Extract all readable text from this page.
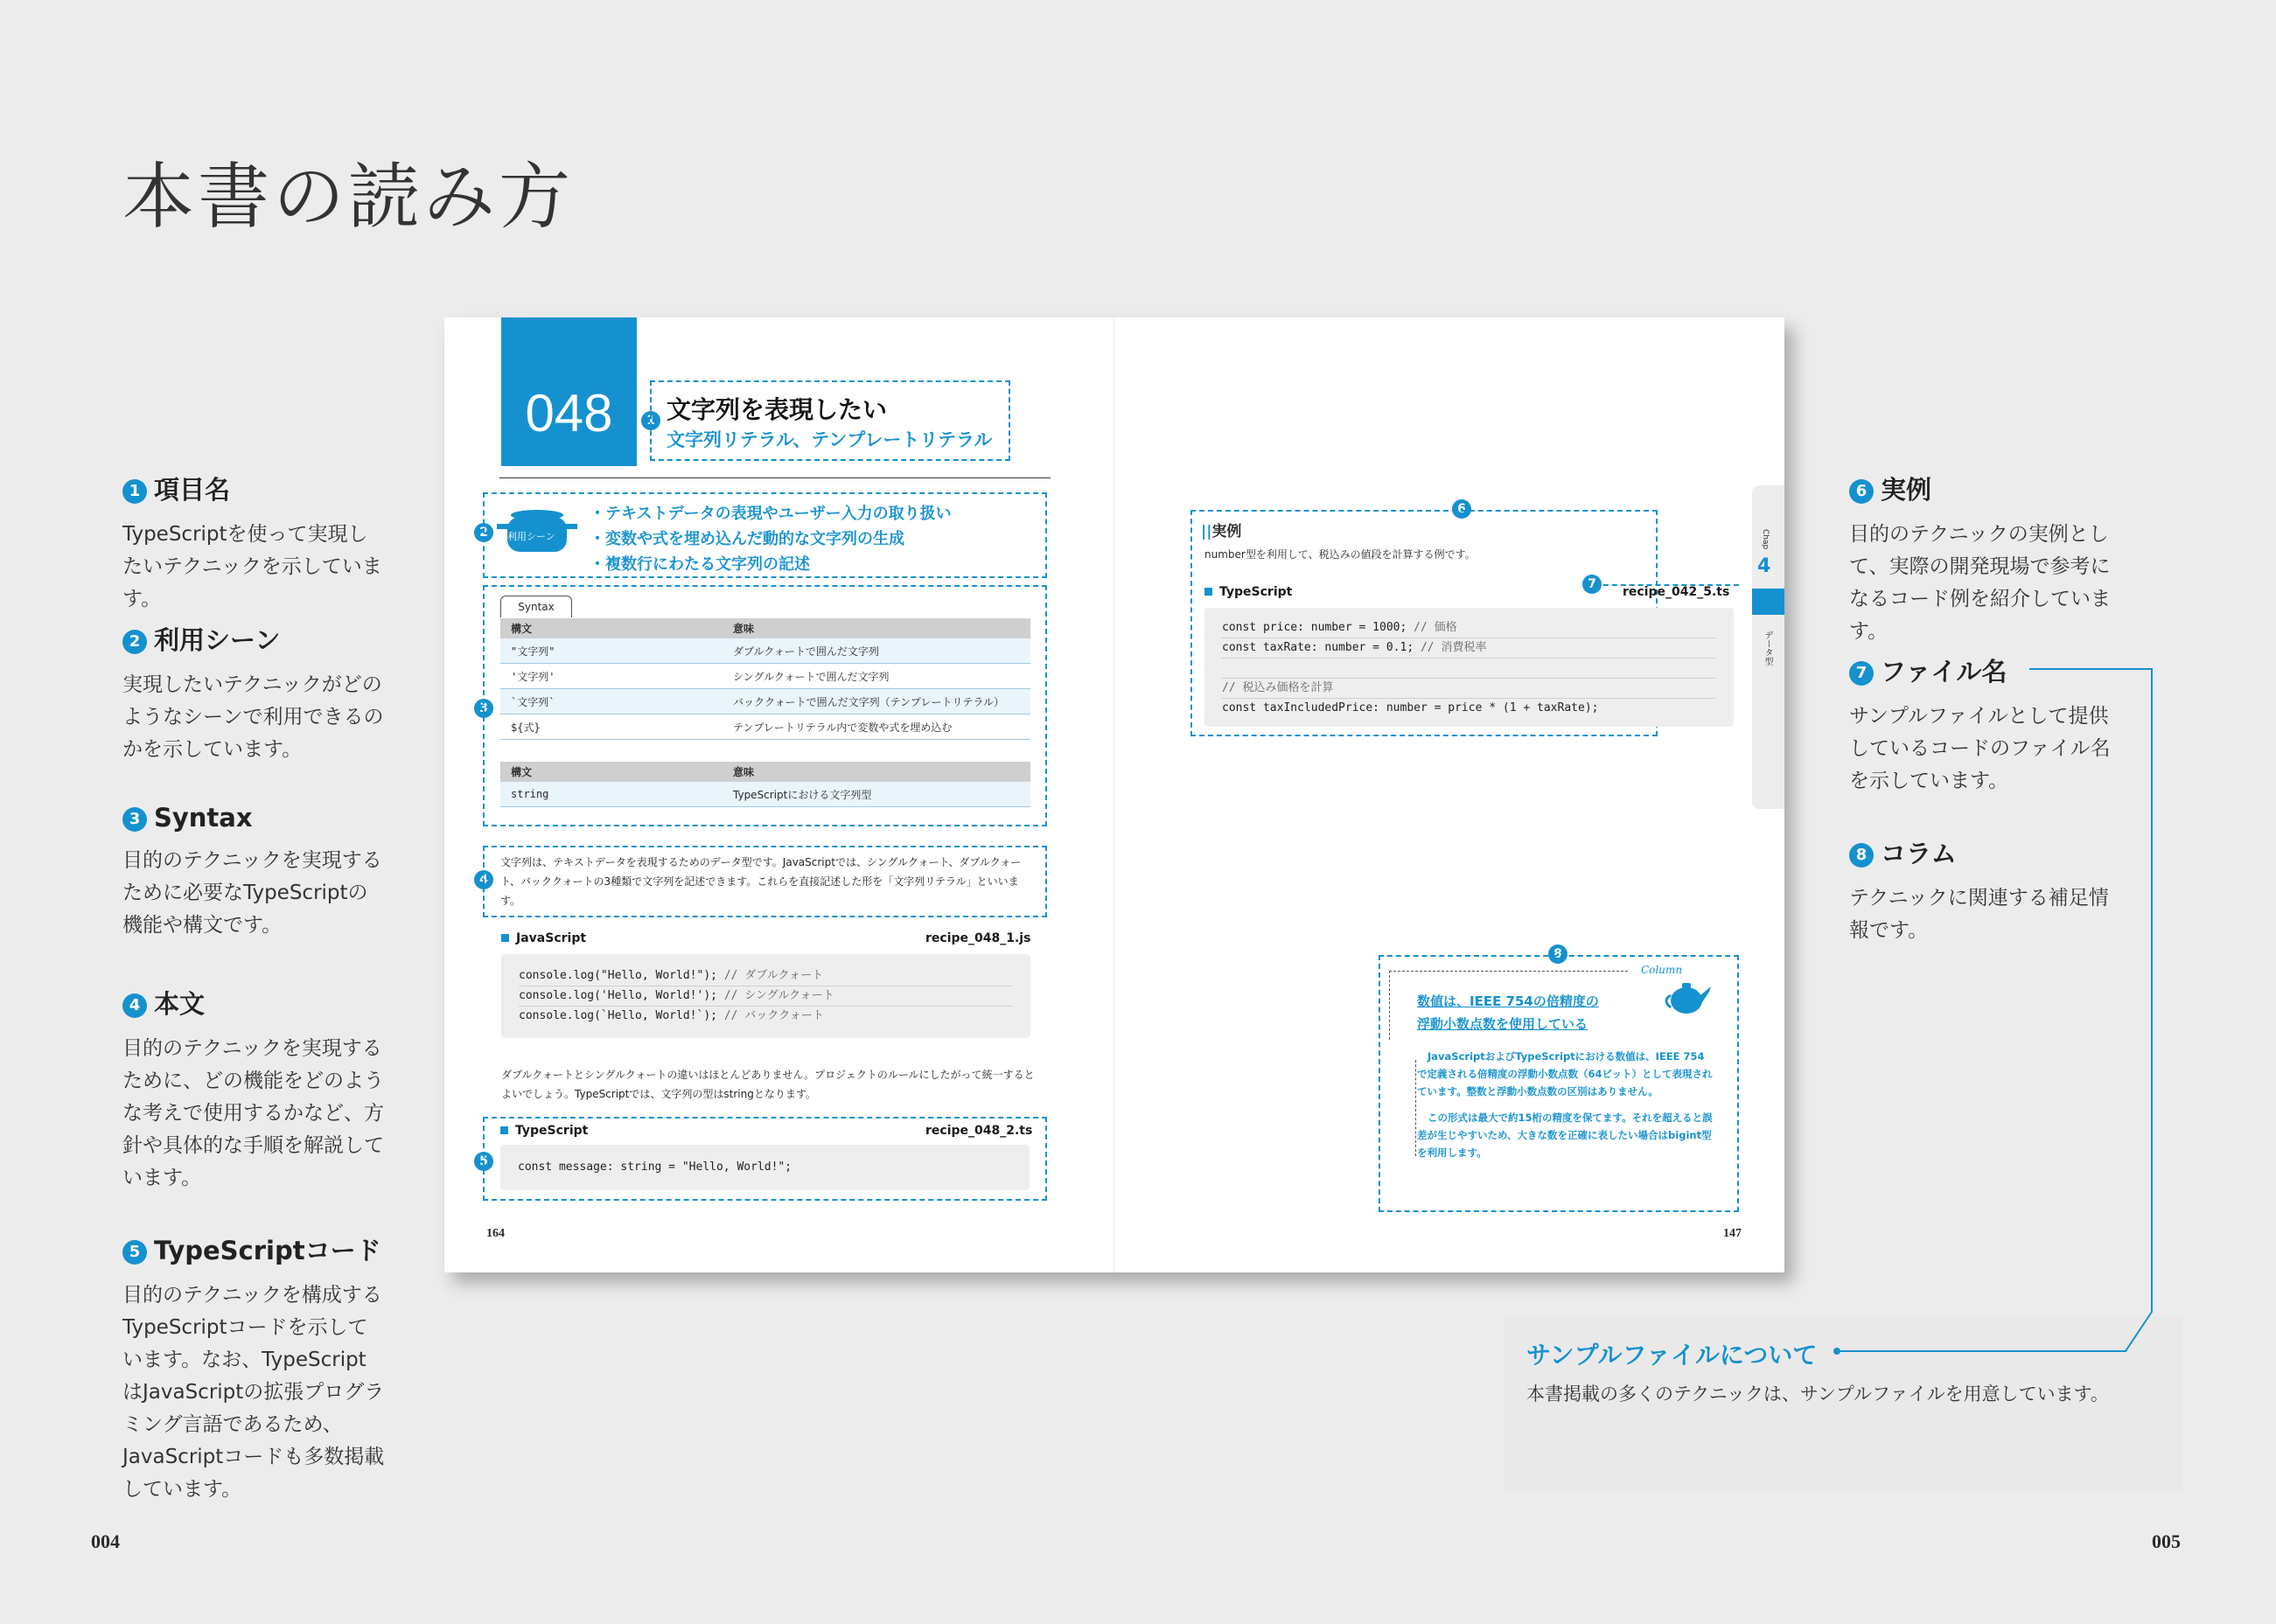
本書の読み方
1 項目名
TypeScriptを使って実現したいテクニックを示しています。
2 利用シーン
実現したいテクニックがどのようなシーンで利用できるのかを示しています。
3 Syntax
目的のテクニックを実現するために必要なTypeScriptの機能や構文です。
4 本文
目的のテクニックを実現するために、どの機能をどのような考えで使用するかなど、方針や具体的な手順を解説しています。
5 TypeScriptコード
目的のテクニックを構成するTypeScriptコードを示しています。なお、TypeScriptはJavaScriptの拡張プログラミング言語であるため、JavaScriptコードも多数掲載しています。
6 実例
目的のテクニックの実例として、実際の開発現場で参考になるコード例を紹介しています。
7 ファイル名
サンプルファイルとして提供しているコードのファイル名を示しています。
8 コラム
テクニックに関連する補足情報です。
サンプルファイルについて
本書掲載の多くのテクニックは、サンプルファイルを用意しています。
004	005
048	1 文字列を表現したい
文字列リテラル、テンプレートリテラル
2	利用シーン
・テキストデータの表現やユーザー入力の取り扱い
・変数や式を埋め込んだ動的な文字列の生成
・複数行にわたる文字列の記述
3
Syntax
構文	意味
"文字列"	ダブルクォートで囲んだ文字列
'文字列'	シングルクォートで囲んだ文字列
`文字列`	バッククォートで囲んだ文字列（テンプレートリテラル）
${式}	テンプレートリテラル内で変数や式を埋め込む
構文	意味
string	TypeScriptにおける文字列型
4
文字列は、テキストデータを表現するためのデータ型です。JavaScriptでは、シングルクォート、ダブルクォート、バッククォートの3種類で文字列を記述できます。これらを直接記述した形を「文字列リテラル」といいます。
JavaScript	recipe_048_1.js
console.log("Hello, World!"); // ダブルクォート
console.log('Hello, World!'); // シングルクォート
console.log(`Hello, World!`); // バッククォート
ダブルクォートとシングルクォートの違いはほとんどありません。プロジェクトのルールにしたがって統一するとよいでしょう。TypeScriptでは、文字列の型はstringとなります。
5
TypeScript	recipe_048_2.ts
const message: string = "Hello, World!";
164
6
||実例
number型を利用して、税込みの値段を計算する例です。
TypeScript
7
recipe_042_5.ts
const price: number = 1000; // 価格
const taxRate: number = 0.1; // 消費税率
// 税込み価格を計算
const taxIncludedPrice: number = price * (1 + taxRate);
Chap
4
データ型
8
Column
数値は、IEEE 754の倍精度の
浮動小数点数を使用している
JavaScriptおよびTypeScriptにおける数値は、IEEE 754で定義される倍精度の浮動小数点数（64ビット）として表現されています。整数と浮動小数点数の区別はありません。
この形式は最大で約15桁の精度を保てます。それを超えると誤差が生じやすいため、大きな数を正確に表したい場合はbigint型を利用します。
147
